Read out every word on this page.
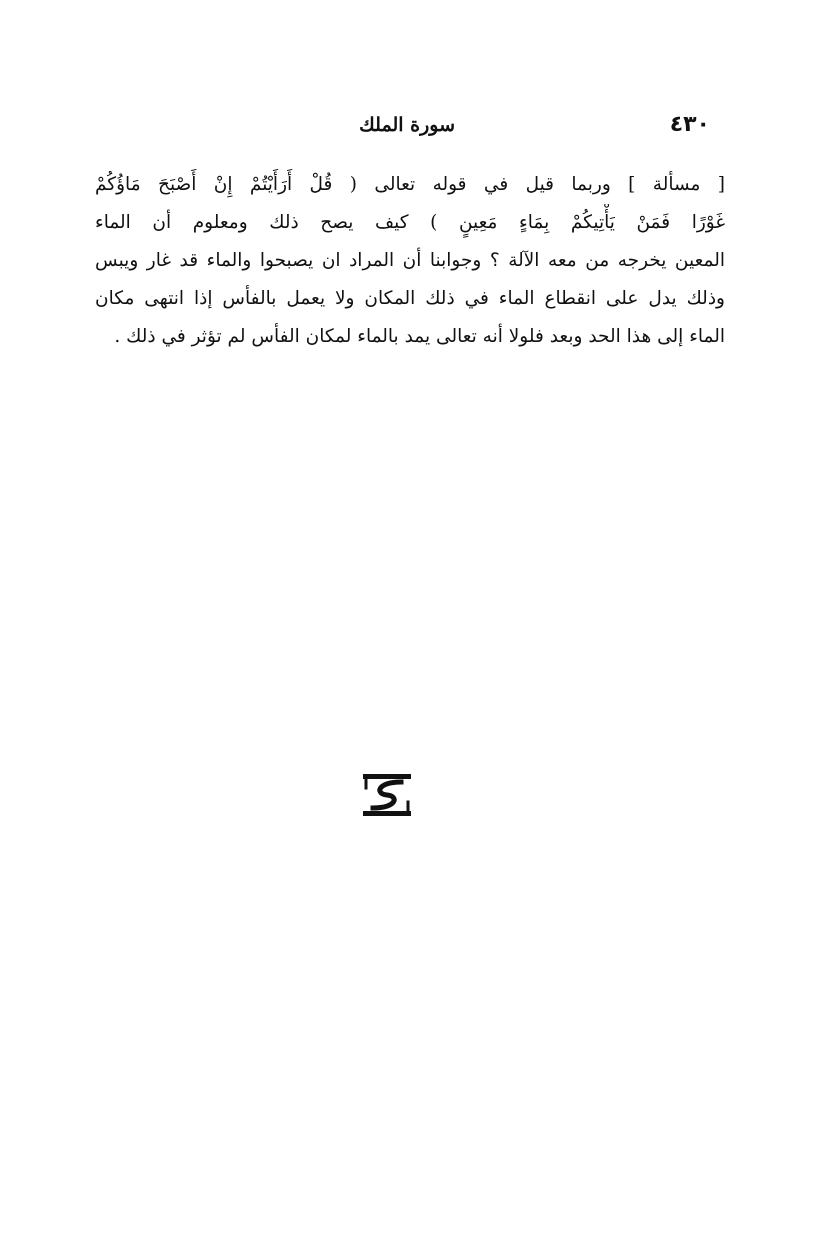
٤٣٠
سورة الملك
[ مسألة ] وربما قيل في قوله تعالى ( قُلْ أَرَأَيْتُمْ إِنْ أَصْبَحَ مَاؤُكُمْ
غَوْرًا فَمَنْ يَأْتِيكُمْ بِمَاءٍ مَعِينٍ ) كيف يصح ذلك ومعلوم أن الماء
المعين يخرجه من معه الآلة ؟ وجوابنا أن المراد ان يصبحوا والماء قد غار ويبس
وذلك يدل على انقطاع الماء في ذلك المكان ولا يعمل بالفأس إذا انتهى مكان
الماء إلى هذا الحد وبعد فلولا أنه تعالى يمد بالماء لمكان الفأس لم تؤثر في ذلك .
